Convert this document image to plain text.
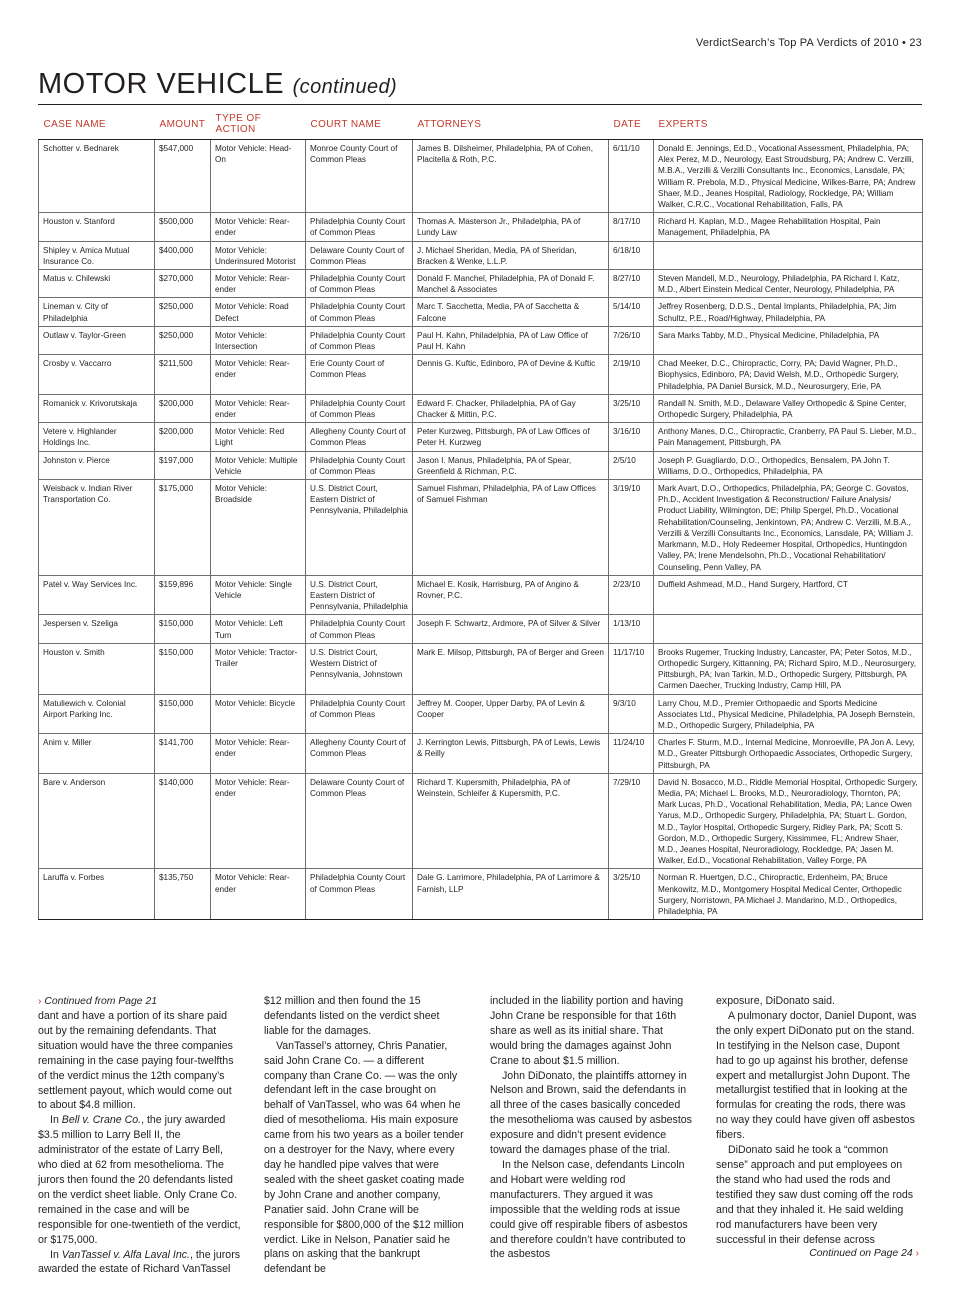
VerdictSearch’s Top PA Verdicts of 2010 • 23
MOTOR VEHICLE (continued)
CASE NAME	AMOUNT	TYPE OF ACTION	COURT NAME	ATTORNEYS	DATE	EXPERTS
Schotter v. Bednarek	$547,000	Motor Vehicle: Head-On	Monroe County Court of Common Pleas	James B. Dilsheimer, Philadelphia, PA of Cohen, Placitella & Roth, P.C.	6/11/10	Donald E. Jennings, Ed.D., Vocational Assessment, Philadelphia, PA; Alex Perez, M.D., Neurology, East Stroudsburg, PA; Andrew C. Verzilli, M.B.A., Verzilli & Verzilli Consultants Inc., Economics, Lansdale, PA; William R. Prebola, M.D., Physical Medicine, Wilkes-Barre, PA; Andrew Shaer, M.D., Jeanes Hospital, Radiology, Rockledge, PA; William Walker, C.R.C., Vocational Rehabilitation, Falls, PA
Houston v. Stanford	$500,000	Motor Vehicle: Rear-ender	Philadelphia County Court of Common Pleas	Thomas A. Masterson Jr., Philadelphia, PA of Lundy Law	8/17/10	Richard H. Kaplan, M.D., Magee Rehabilitation Hospital, Pain Management, Philadelphia, PA
Shipley v. Amica Mutual Insurance Co.	$400,000	Motor Vehicle: Underinsured Motorist	Delaware County Court of Common Pleas	J. Michael Sheridan, Media, PA of Sheridan, Bracken & Wenke, L.L.P.	6/18/10	
Matus v. Chilewski	$270,000	Motor Vehicle: Rear-ender	Philadelphia County Court of Common Pleas	Donald F. Manchel, Philadelphia, PA of Donald F. Manchel & Associates	8/27/10	Steven Mandell, M.D., Neurology, Philadelphia, PA Richard I. Katz, M.D., Albert Einstein Medical Center, Neurology, Philadelphia, PA
Lineman v. City of Philadelphia	$250,000	Motor Vehicle: Road Defect	Philadelphia County Court of Common Pleas	Marc T. Sacchetta, Media, PA of Sacchetta & Falcone	5/14/10	Jeffrey Rosenberg, D.D.S., Dental Implants, Philadelphia, PA; Jim Schultz, P.E., Road/Highway, Philadelphia, PA
Outlaw v. Taylor-Green	$250,000	Motor Vehicle: Intersection	Philadelphia County Court of Common Pleas	Paul H. Kahn, Philadelphia, PA of Law Office of Paul H. Kahn	7/26/10	Sara Marks Tabby, M.D., Physical Medicine, Philadelphia, PA
Crosby v. Vaccarro	$211,500	Motor Vehicle: Rear-ender	Erie County Court of Common Pleas	Dennis G. Kuftic, Edinboro, PA of Devine & Kuftic	2/19/10	Chad Meeker, D.C., Chiropractic, Corry, PA; David Wagner, Ph.D., Biophysics, Edinboro, PA; David Welsh, M.D., Orthopedic Surgery, Philadelphia, PA Daniel Bursick, M.D., Neurosurgery, Erie, PA
Romanick v. Krivorutskaja	$200,000	Motor Vehicle: Rear-ender	Philadelphia County Court of Common Pleas	Edward F. Chacker, Philadelphia, PA of Gay Chacker & Mittin, P.C.	3/25/10	Randall N. Smith, M.D., Delaware Valley Orthopedic & Spine Center, Orthopedic Surgery, Philadelphia, PA
Vetere v. Highlander Holdings Inc.	$200,000	Motor Vehicle: Red Light	Allegheny County Court of Common Pleas	Peter Kurzweg, Pittsburgh, PA of Law Offices of Peter H. Kurzweg	3/16/10	Anthony Manes, D.C., Chiropractic, Cranberry, PA Paul S. Lieber, M.D., Pain Management, Pittsburgh, PA
Johnston v. Pierce	$197,000	Motor Vehicle: Multiple Vehicle	Philadelphia County Court of Common Pleas	Jason I. Manus, Philadelphia, PA of Spear, Greenfield & Richman, P.C.	2/5/10	Joseph P. Guagliardo, D.O., Orthopedics, Bensalem, PA John T. Williams, D.O., Orthopedics, Philadelphia, PA
Weisback v. Indian River Transportation Co.	$175,000	Motor Vehicle: Broadside	U.S. District Court, Eastern District of Pennsylvania, Philadelphia	Samuel Fishman, Philadelphia, PA of Law Offices of Samuel Fishman	3/19/10	Mark Avart, D.O., Orthopedics, Philadelphia, PA; George C. Govatos, Ph.D., Accident Investigation & Reconstruction/ Failure Analysis/ Product Liability, Wilmington, DE; Philip Spergel, Ph.D., Vocational Rehabilitation/Counseling, Jenkintown, PA; Andrew C. Verzilli, M.B.A., Verzilli & Verzilli Consultants Inc., Economics, Lansdale, PA; William J. Markmann, M.D., Holy Redeemer Hospital, Orthopedics, Huntingdon Valley, PA; Irene Mendelsohn, Ph.D., Vocational Rehabilitation/ Counseling, Penn Valley, PA
Patel v. Way Services Inc.	$159,896	Motor Vehicle: Single Vehicle	U.S. District Court, Eastern District of Pennsylvania, Philadelphia	Michael E. Kosik, Harrisburg, PA of Angino & Rovner, P.C.	2/23/10	Duffield Ashmead, M.D., Hand Surgery, Hartford, CT
Jespersen v. Szeliga	$150,000	Motor Vehicle: Left Turn	Philadelphia County Court of Common Pleas	Joseph F. Schwartz, Ardmore, PA of Silver & Silver	1/13/10	
Houston v. Smith	$150,000	Motor Vehicle: Tractor-Trailer	U.S. District Court, Western District of Pennsylvania, Johnstown	Mark E. Milsop, Pittsburgh, PA of Berger and Green	11/17/10	Brooks Rugemer, Trucking Industry, Lancaster, PA; Peter Sotos, M.D., Orthopedic Surgery, Kittanning, PA; Richard Spiro, M.D., Neurosurgery, Pittsburgh, PA; Ivan Tarkin, M.D., Orthopedic Surgery, Pittsburgh, PA Carmen Daecher, Trucking Industry, Camp Hill, PA
Matuliewich v. Colonial Airport Parking Inc.	$150,000	Motor Vehicle: Bicycle	Philadelphia County Court of Common Pleas	Jeffrey M. Cooper, Upper Darby, PA of Levin & Cooper	9/3/10	Larry Chou, M.D., Premier Orthopaedic and Sports Medicine Associates Ltd., Physical Medicine, Philadelphia, PA Joseph Bernstein, M.D., Orthopedic Surgery, Philadelphia, PA
Anim v. Miller	$141,700	Motor Vehicle: Rear-ender	Allegheny County Court of Common Pleas	J. Kerrington Lewis, Pittsburgh, PA of Lewis, Lewis & Reilly	11/24/10	Charles F. Sturm, M.D., Internal Medicine, Monroeville, PA Jon A. Levy, M.D., Greater Pittsburgh Orthopaedic Associates, Orthopedic Surgery, Pittsburgh, PA
Bare v. Anderson	$140,000	Motor Vehicle: Rear-ender	Delaware County Court of Common Pleas	Richard T. Kupersmith, Philadelphia, PA of Weinstein, Schleifer & Kupersmith, P.C.	7/29/10	David N. Bosacco, M.D., Riddle Memorial Hospital, Orthopedic Surgery, Media, PA; Michael L. Brooks, M.D., Neuroradiology, Thornton, PA; Mark Lucas, Ph.D., Vocational Rehabilitation, Media, PA; Lance Owen Yarus, M.D., Orthopedic Surgery, Philadelphia, PA; Stuart L. Gordon, M.D., Taylor Hospital, Orthopedic Surgery, Ridley Park, PA; Scott S. Gordon, M.D., Orthopedic Surgery, Kissimmee, FL; Andrew Shaer, M.D., Jeanes Hospital, Neuroradiology, Rockledge, PA; Jasen M. Walker, Ed.D., Vocational Rehabilitation, Valley Forge, PA
Laruffa v. Forbes	$135,750	Motor Vehicle: Rear-ender	Philadelphia County Court of Common Pleas	Dale G. Larrimore, Philadelphia, PA of Larrimore & Farnish, LLP	3/25/10	Norman R. Huertgen, D.C., Chiropractic, Erdenheim, PA; Bruce Menkowitz, M.D., Montgomery Hospital Medical Center, Orthopedic Surgery, Norristown, PA Michael J. Mandarino, M.D., Orthopedics, Philadelphia, PA
› Continued from Page 21

dant and have a portion of its share paid out by the remaining defendants. That situation would have the three companies remaining in the case paying four-twelfths of the verdict minus the 12th company’s settlement payout, which would come out to about $4.8 million.

In Bell v. Crane Co., the jury awarded $3.5 million to Larry Bell II, the administrator of the estate of Larry Bell, who died at 62 from mesothelioma. The jurors then found the 20 defendants listed on the verdict sheet liable. Only Crane Co. remained in the case and will be responsible for one-twentieth of the verdict, or $175,000.

In VanTassel v. Alfa Laval Inc., the jurors awarded the estate of Richard VanTassel

$12 million and then found the 15 defendants listed on the verdict sheet liable for the damages.

VanTassel’s attorney, Chris Panatier, said John Crane Co. — a different company than Crane Co. — was the only defendant left in the case brought on behalf of VanTassel, who was 64 when he died of mesothelioma. His main exposure came from his two years as a boiler tender on a destroyer for the Navy, where every day he handled pipe valves that were sealed with the sheet gasket coating made by John Crane and another company, Panatier said. John Crane will be responsible for $800,000 of the $12 million verdict. Like in Nelson, Panatier said he plans on asking that the bankrupt defendant be

included in the liability portion and having John Crane be responsible for that 16th share as well as its initial share. That would bring the damages against John Crane to about $1.5 million.

John DiDonato, the plaintiffs attorney in Nelson and Brown, said the defendants in all three of the cases basically conceded the mesothelioma was caused by asbestos exposure and didn’t present evidence toward the damages phase of the trial.

In the Nelson case, defendants Lincoln and Hobart were welding rod manufacturers. They argued it was impossible that the welding rods at issue could give off respirable fibers of asbestos and therefore couldn’t have contributed to the asbestos

exposure, DiDonato said.

A pulmonary doctor, Daniel Dupont, was the only expert DiDonato put on the stand. In testifying in the Nelson case, Dupont had to go up against his brother, defense expert and metallurgist John Dupont. The metallurgist testified that in looking at the formulas for creating the rods, there was no way they could have given off asbestos fibers.

DiDonato said he took a “common sense” approach and put employees on the stand who had used the rods and testified they saw dust coming off the rods and that they inhaled it. He said welding rod manufacturers have been very successful in their defense across

Continued on Page 24 ›
